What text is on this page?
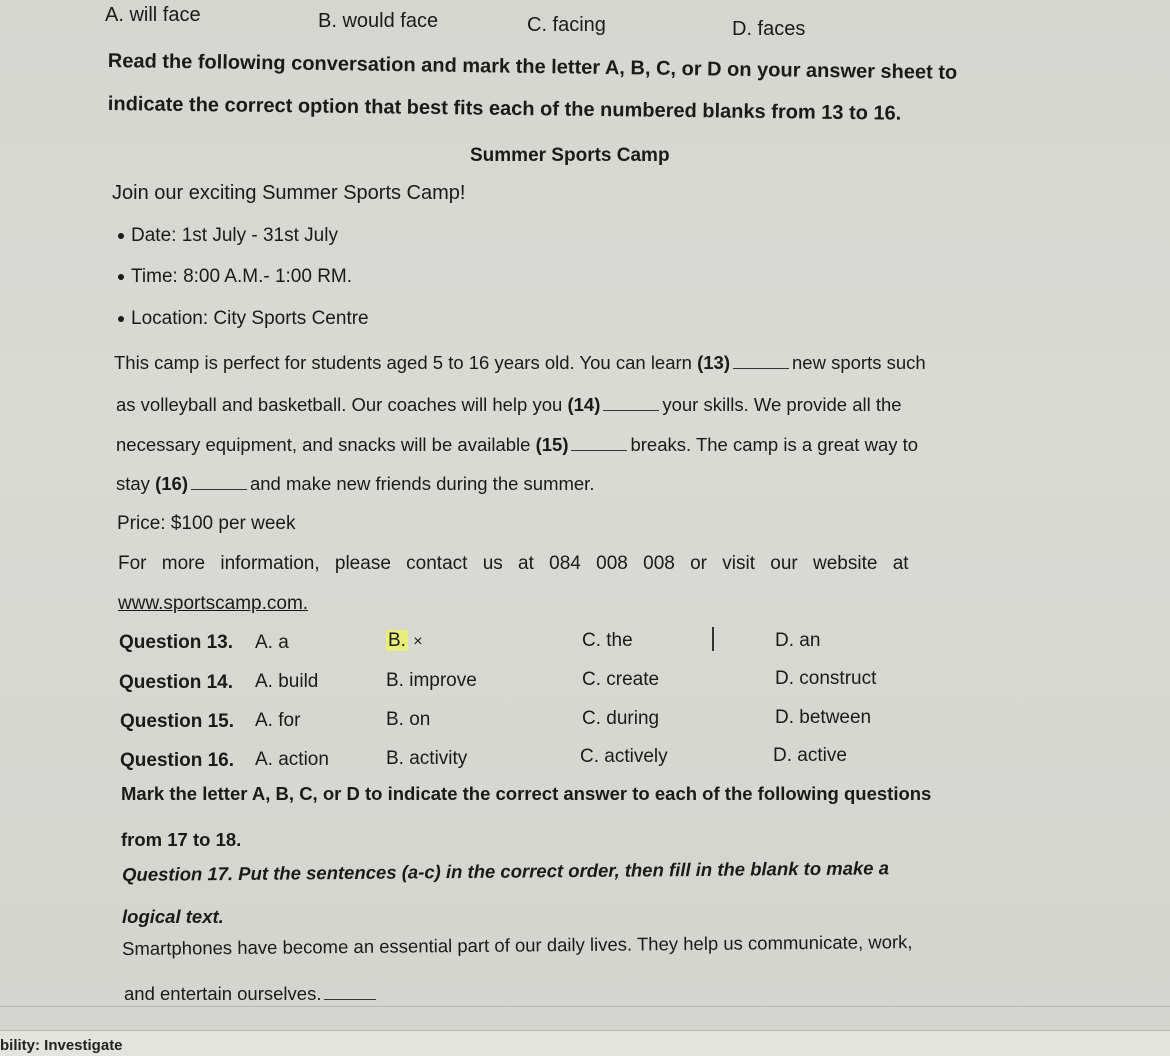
A. will face	B. would face	C. facing	D. faces
Read the following conversation and mark the letter A, B, C, or D on your answer sheet to
indicate the correct option that best fits each of the numbered blanks from 13 to 16.
Summer Sports Camp
Join our exciting Summer Sports Camp!
Date: 1st July - 31st July
Time: 8:00 A.M.- 1:00 RM.
Location: City Sports Centre
This camp is perfect for students aged 5 to 16 years old. You can learn (13)	new sports such
as volleyball and basketball. Our coaches will help you (14)	your skills. We provide all the
necessary equipment, and snacks will be available (15)	breaks. The camp is a great way to
stay (16)	and make new friends during the summer.
Price: $100 per week
For more information, please contact us at 084 008 008 or visit our website at
www.sportscamp.com.
Question 13. A. a	B. ×	C. the	D. an
Question 14. A. build	B. improve	C. create	D. construct
Question 15. A. for	B. on	C. during	D. between
Question 16. A. action	B. activity	C. actively	D. active
Mark the letter A, B, C, or D to indicate the correct answer to each of the following questions
from 17 to 18.
Question 17. Put the sentences (a-c) in the correct order, then fill in the blank to make a
logical text.
Smartphones have become an essential part of our daily lives. They help us communicate, work,
and entertain ourselves.
bility: Investigate
